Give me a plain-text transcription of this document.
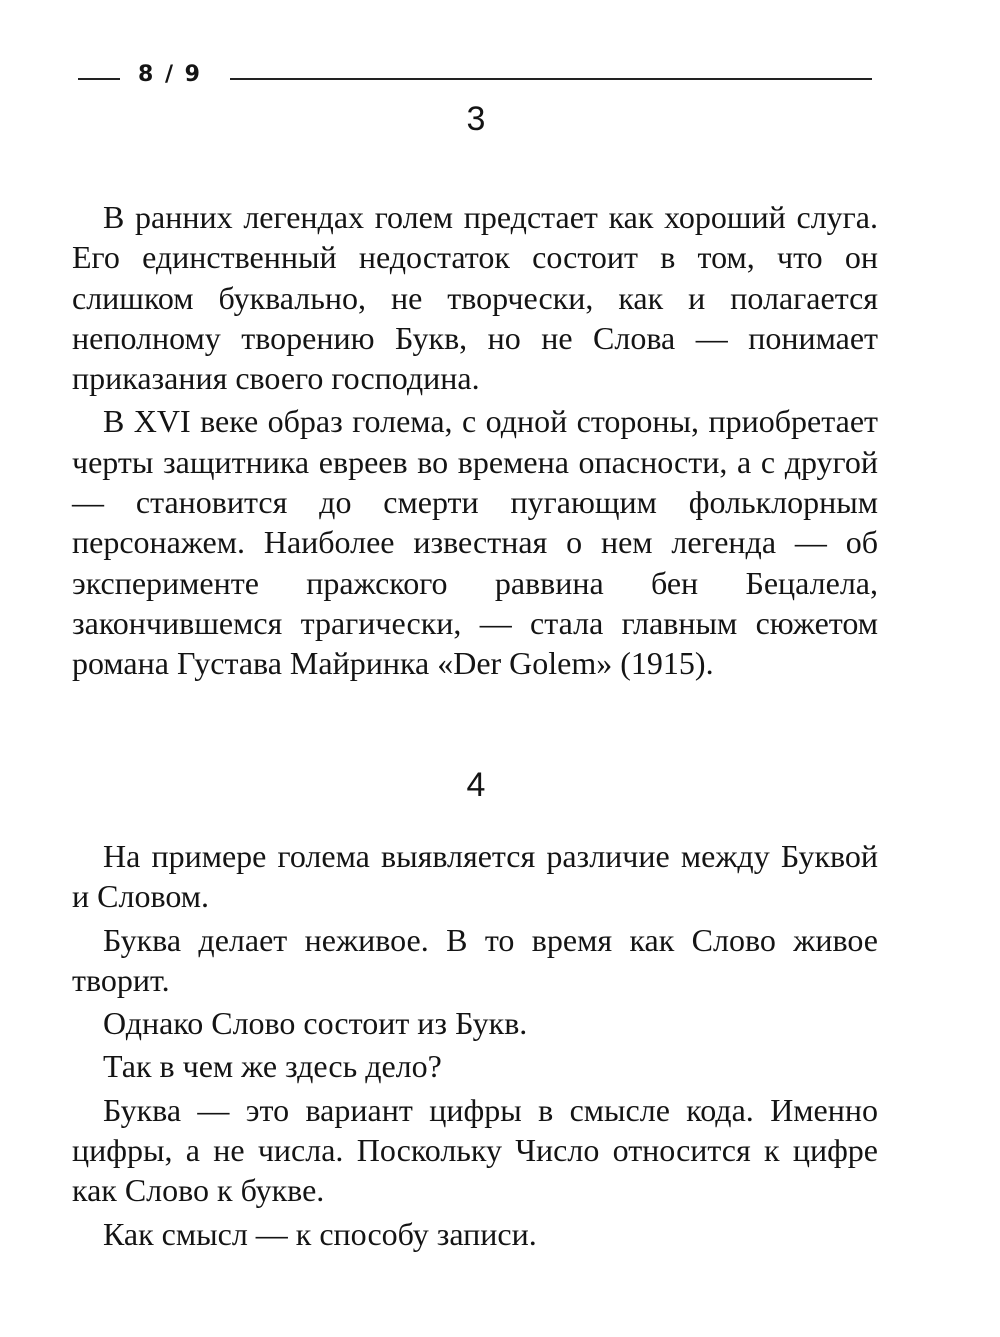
8 / 9
3

В ранних легендах голем предстает как хороший слуга. Его единственный недостаток состоит в том, что он слишком буквально, не творчески, как и полагается неполному творению Букв, но не Слова — понимает приказания своего господина.

В XVI веке образ голема, с одной стороны, приобретает черты защитника евреев во времена опасности, а с другой — становится до смерти пугающим фольклорным персонажем. Наиболее известная о нем легенда — об эксперименте пражского раввина бен Бецалела, закончившемся трагически, — стала главным сюжетом романа Густава Майринка «Der Golem» (1915).

4

На примере голема выявляется различие между Буквой и Словом.

Буква делает неживое. В то время как Слово живое творит.

Однако Слово состоит из Букв.

Так в чем же здесь дело?

Буква — это вариант цифры в смысле кода. Именно цифры, а не числа. Поскольку Число относится к цифре как Слово к букве.

Как смысл — к способу записи.
